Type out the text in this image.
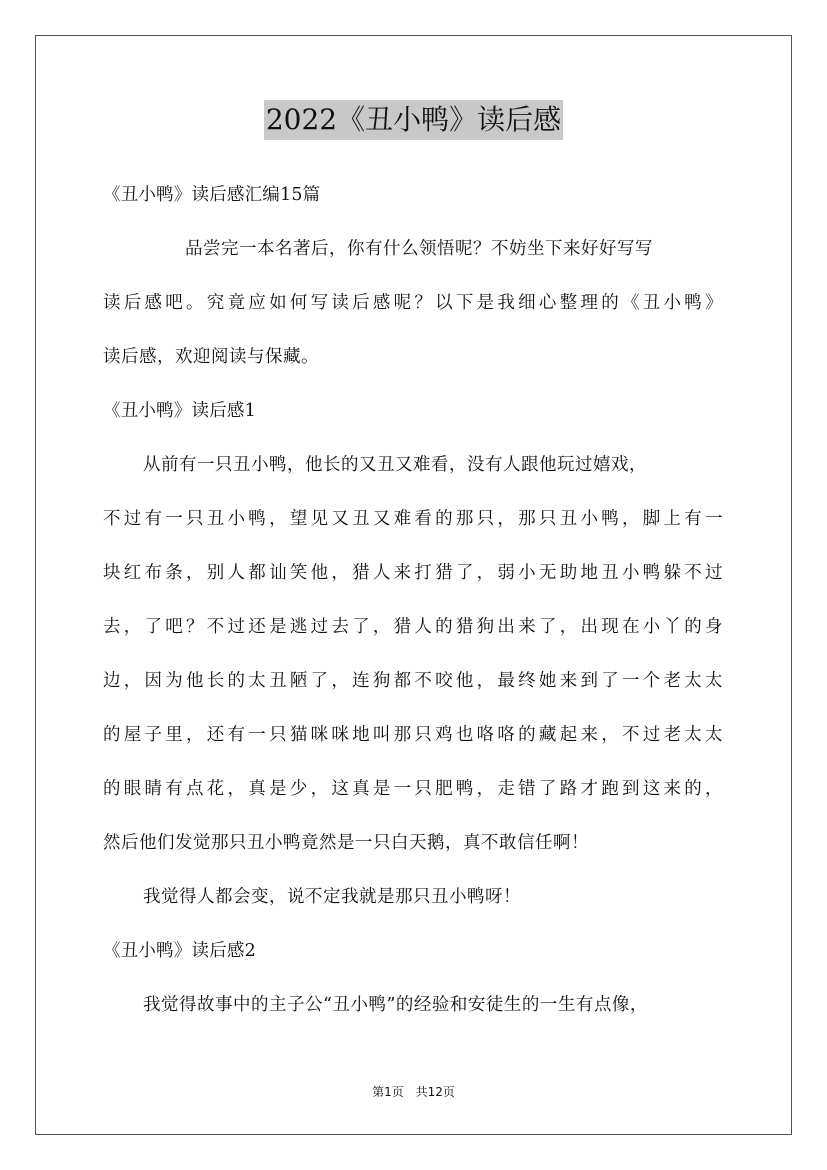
2022《丑小鸭》读后感
《丑小鸭》读后感汇编15篇
品尝完一本名著后，你有什么领悟呢？不妨坐下来好好写写
读后感吧。究竟应如何写读后感呢？以下是我细心整理的《丑小鸭》
读后感，欢迎阅读与保藏。
《丑小鸭》读后感1
从前有一只丑小鸭，他长的又丑又难看，没有人跟他玩过嬉戏，
不过有一只丑小鸭，望见又丑又难看的那只，那只丑小鸭，脚上有一
块红布条，别人都讪笑他，猎人来打猎了，弱小无助地丑小鸭躲不过
去，了吧？不过还是逃过去了，猎人的猎狗出来了，出现在小丫的身
边，因为他长的太丑陋了，连狗都不咬他，最终她来到了一个老太太
的屋子里，还有一只猫咪咪地叫那只鸡也咯咯的藏起来，不过老太太
的眼睛有点花，真是少，这真是一只肥鸭，走错了路才跑到这来的，
然后他们发觉那只丑小鸭竟然是一只白天鹅，真不敢信任啊！
我觉得人都会变，说不定我就是那只丑小鸭呀！
《丑小鸭》读后感2
我觉得故事中的主子公“丑小鸭”的经验和安徒生的一生有点像，
第1页 共12页
